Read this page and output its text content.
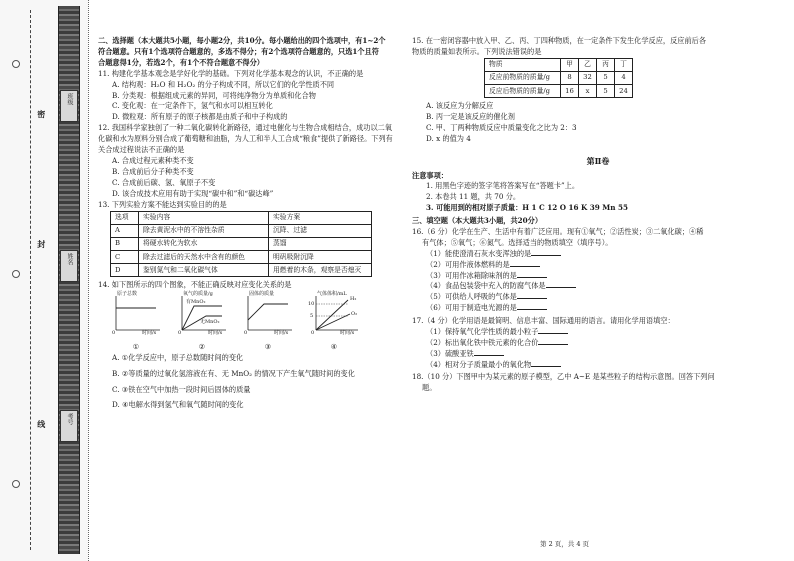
密
封
线
班级
姓名
考号
二、选择题（本大题共5小题，每小题2分，共10分。每小题给出的四个选项中，有1~2个
符合题意。只有1个选项符合题意的，多选不得分；有2个选项符合题意的，只选1个且符
合题意得1分，若选2个，有1个不符合题意不得分）
11. 构建化学基本观念是学好化学的基础。下列对化学基本观念的认识，不正确的是
A. 结构观：H₂O 和 H₂O₂ 的分子构成不同，所以它们的化学性质不同
B. 分类观：根据组成元素的异同，可将纯净物分为单质和化合物
C. 变化观：在一定条件下，氢气和水可以相互转化
D. 微粒观：所有原子的原子核都是由质子和中子构成的
12. 我国科学家独创了一种二氧化碳转化新路径，通过电催化与生物合成相结合，成功以二氧
化碳和水为原料分别合成了葡萄糖和油脂，为人工和半人工合成“粮食”提供了新路径。下列有
关合成过程说法不正确的是
A. 合成过程元素种类不变
B. 合成前后分子种类不变
C. 合成前后碳、氢、氧原子不变
D. 该合成技术应用有助于实现“碳中和”和“碳达峰”
13. 下列实验方案不能达到实验目的的是
选项	实验内容	实验方案
A	除去黄泥水中的不溶性杂质	沉降、过滤
B	将硬水转化为软水	蒸馏
C	除去过滤后的天然水中含有的颜色	明矾吸附沉降
D	鉴别氮气和二氧化碳气体	用燃着的木条，观察是否熄灭
14. 如下图所示的四个图象，不能正确反映对应变化关系的是
原子总数
时间/s
0
氧气的质量/g
有MnO₂
无MnO₂
时间/s
0
固体的质量
时间/s
0
气体体积/mL
10
5
H₂
O₂
时间/s
0
①	②	③	④
A. ①化学反应中，原子总数随时间的变化
B. ②等质量的过氧化氢溶液在有、无 MnO₂ 的情况下产生氧气随时间的变化
C. ③铁在空气中加热一段时间后固体的质量
D. ④电解水得到氢气和氧气随时间的变化
15. 在一密闭容器中放入甲、乙、丙、丁四种物质，在一定条件下发生化学反应，反应前后各
物质的质量如表所示。下列说法错误的是
物质	甲	乙	丙	丁
反应前物质的质量/g	8	32	5	4
反应后物质的质量/g	16	x	5	24
A. 该反应为分解反应
B. 丙一定是该反应的催化剂
C. 甲、丁两种物质反应中质量变化之比为 2：3
D. x 的值为 4
第Ⅱ卷
注意事项：
1. 用黑色字迹的签字笔将答案写在“答题卡”上。
2. 本卷共 11 题，共 70 分。
3. 可能用到的相对原子质量：H 1 C 12 O 16 K 39 Mn 55
三、填空题（本大题共3小题，共20分）
16.（6 分）化学在生产、生活中有着广泛应用。现有①氧气；②活性炭；③二氧化碳；④稀
有气体；⑤氧气；⑥氮气。选择适当的物质填空（填序号）。
（1）能使澄清石灰水变浑浊的是
（2）可用作液体燃料的是
（3）可用作冰箱除味剂的是
（4）食品包装袋中充入的防腐气体是
（5）可供给人呼吸的气体是
（6）可用于制造电光源的是
17.（4 分）化学用语是最简明、信息丰富、国际通用的语言。请用化学用语填空：
（1）保持氧气化学性质的最小粒子
（2）标出氧化铁中铁元素的化合价
（3）硫酸亚铁
（4）相对分子质量最小的氧化物
18.（10 分）下图甲中为某元素的原子模型，乙中 A~E 是某些粒子的结构示意图。回答下列问
题。
第 2 页，共 4 页
